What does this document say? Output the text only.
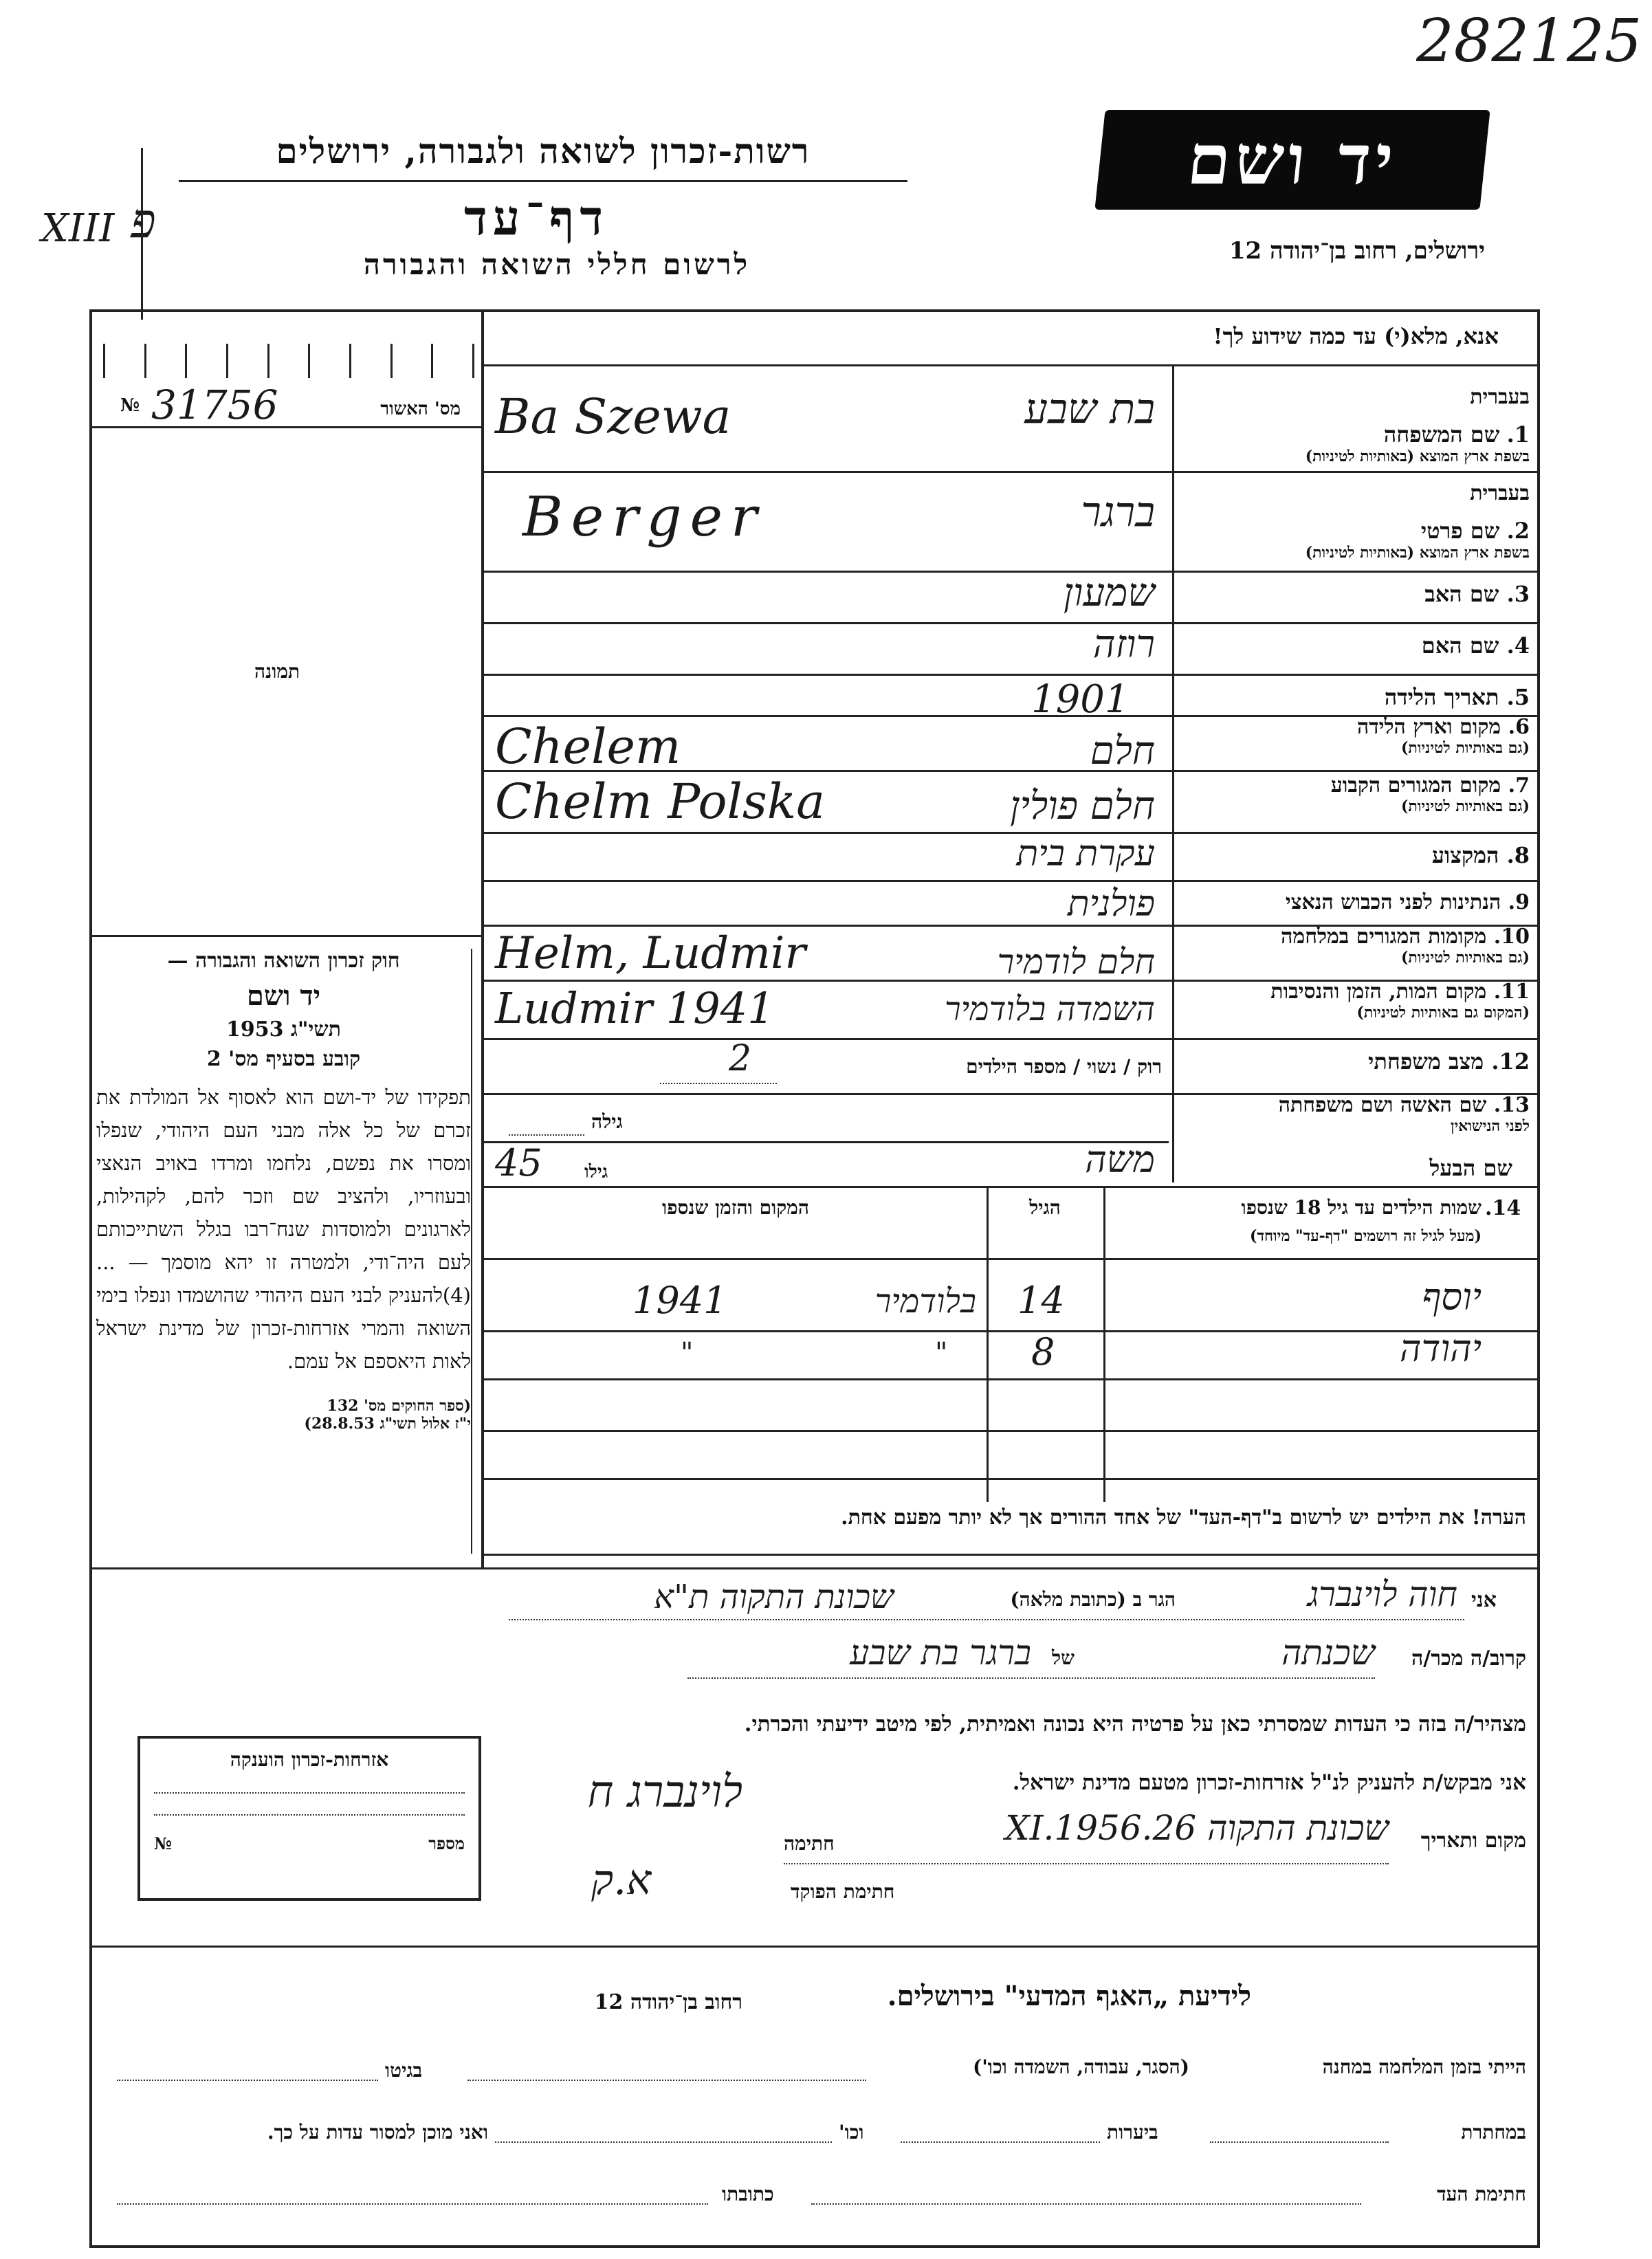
282125
XIII פ
רשות-זכרון לשואה ולגבורה, ירושלים
דף־עד
לרשום חללי השואה והגבורה
יד ושם
ירושלים, רחוב בן־יהודה 12
אנא, מלא(י) עד כמה שידוע לך!
№ 31756	מס' האשור
תמונה
חוק זכרון השואה והגבורה —
יד ושם
תשי"ג 1953
קובע בסעיף מס' 2
תפקידו של יד-ושם הוא לאסוף אל המולדת את זכרם של כל אלה מבני העם היהודי, שנפלו ומסרו את נפשם, נלחמו ומרדו באויב הנאצי ובעוזריו, ולהציב שם וזכר להם, לקהילות, לארגונים ולמוסדות שנח־רבו בגלל השתייכותם לעם היה־ודי, ולמטרה זו יהא מוסמך — ...(4)להעניק לבני העם היהודי שהושמדו ונפלו בימי השואה והמרי אזרחות-זכרון של מדינת ישראל לאות היאספם אל עמם.
(ספר החוקים מס' 132
י"ז אלול תשי"ג 28.8.53)
בעברית
1.

שם המשפחה
בשפת ארץ המוצא (באותיות לטיניות)
בת שבע
Ba Szewa
בעברית
2.

שם פרטי
בשפת ארץ המוצא (באותיות לטיניות)
ברגר
Berger
3. שם האב
שמעון
4. שם האם
רוזה
5. תאריך הלידה
1901
6. מקום וארץ הלידה
(גם באותיות לטיניות)
חלם
Chelem
7. מקום המגורים הקבוע
(גם באותיות לטיניות)
חלם פולין
Chelm Polska
8. המקצוע
עקרת בית
9. הנתינות לפני הכבוש הנאצי
פולנית
10. מקומות המגורים במלחמה
(גם באותיות לטיניות)
חלם לודמיר
Helm, Ludmir
11. מקום המות, הזמן והנסיבות
(המקום גם באותיות לטיניות)
השמדה בלודמיר
Ludmir 1941
12. מצב משפחתי
רוק / נשוי / מספר הילדים
2
13. שם האשה ושם משפחתה
לפני הנישואין
גילה
שם הבעל
משה
גילו
45
14.
שמות הילדים עד גיל 18 שנספו
(מעל לגיל זה רושמים "דף-עד" מיוחד)
הגיל
המקום והזמן שנספו
יוסף
14
בלודמיר
1941
יהודה
8
"
"
הערה! את הילדים יש לרשום ב"דף-העד" של אחד ההורים אך לא יותר מפעם אחת.
אני
חוה לוינברג
הגר ב (כתובת מלאה)
שכונת התקוה ת"א
קרוב/ה מכר/ה
שכנתה
של
ברגר בת שבע
מצהיר/ה בזה כי העדות שמסרתי כאן על פרטיה היא נכונה ואמיתית, לפי מיטב ידיעתי והכרתי.
אני מבקש/ת להעניק לנ"ל אזרחות-זכרון מטעם מדינת ישראל.
לוינברג ח
מקום ותאריך
שכונת התקוה 26.XI.1956
חתימה
חתימת הפוקד
א.ק
אזרחות-זכרון הוענקה
№	מספר
לידיעת „האגף המדעי" בירושלים.
רחוב בן־יהודה 12
הייתי בזמן המלחמה במחנה
(הסגר, עבודה, השמדה וכו')
בגיטו
במחתרת
ביערות
וכו'
ואני מוכן למסור עדות על כך.
חתימת העד
כתובתו
